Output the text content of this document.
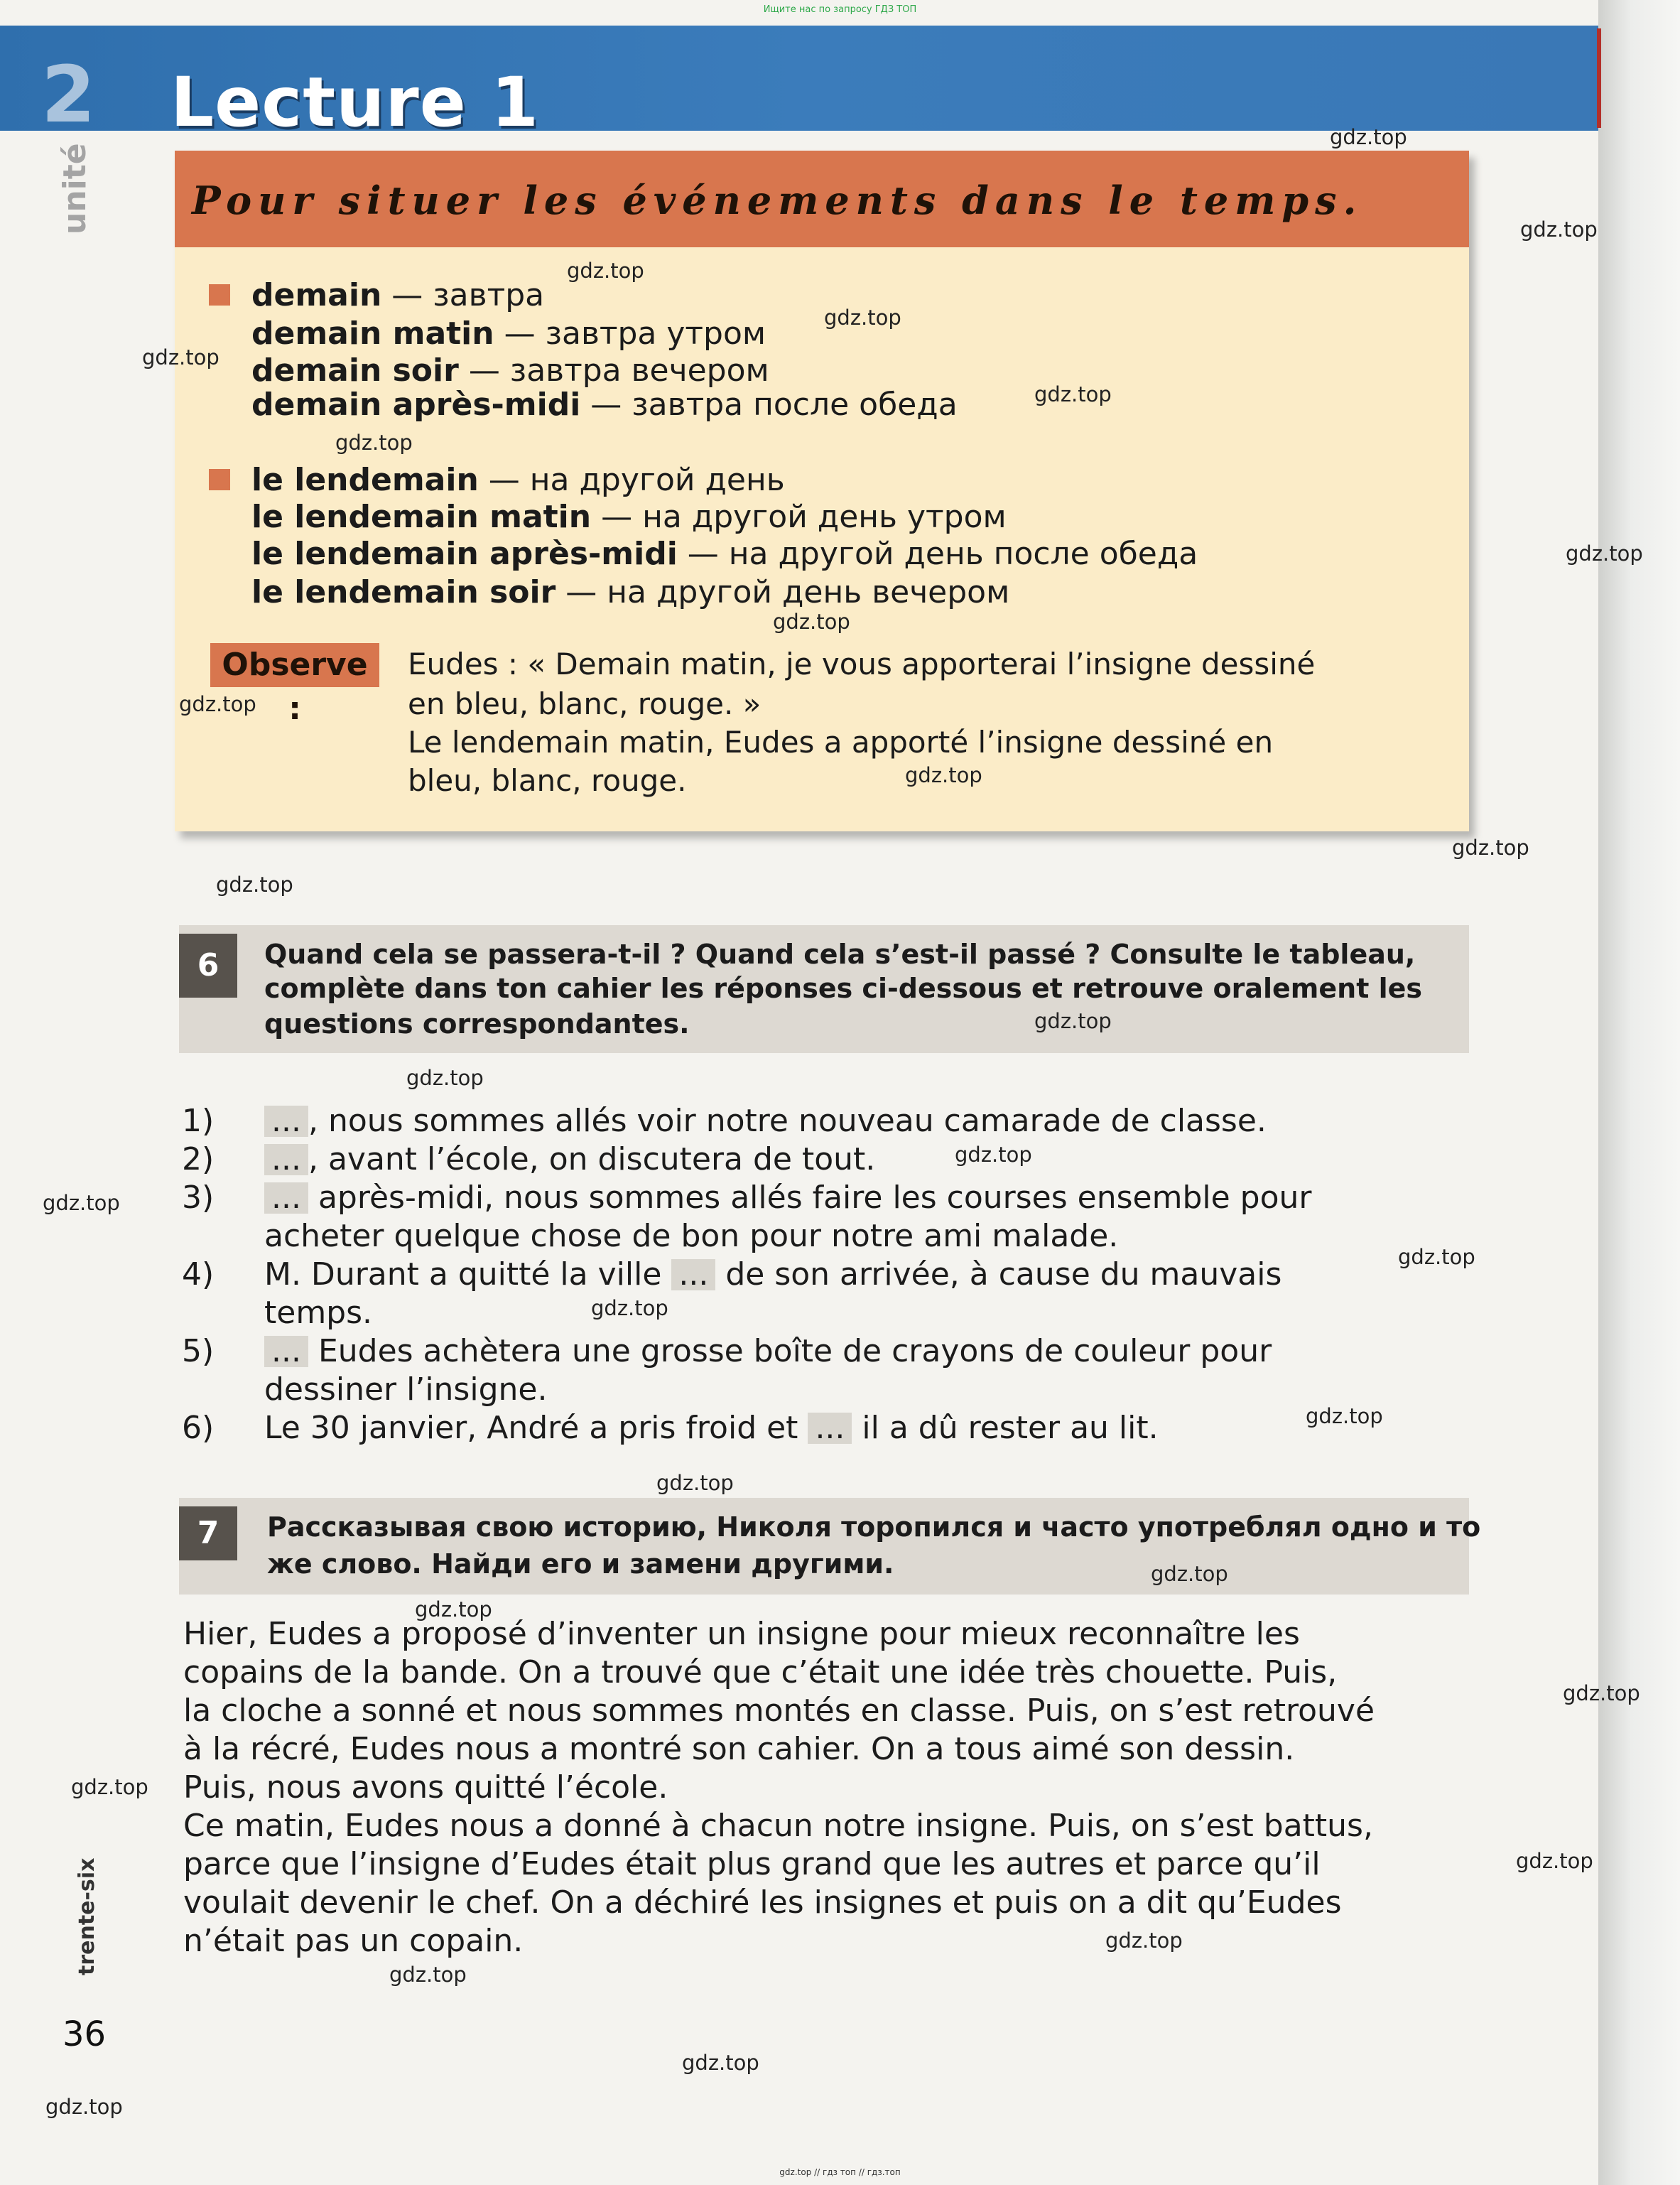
Ищите нас по запросу ГДЗ ТОП
2
unité
Lecture 1
Pour situer les événements dans le temps.
demain — завтра
demain matin — завтра утром
demain soir — завтра вечером
demain après-midi — завтра после обеда
le lendemain — на другой день
le lendemain matin — на другой день утром
le lendemain après-midi — на другой день после обеда
le lendemain soir — на другой день вечером
Observe :
Eudes : « Demain matin, je vous apporterai l’insigne dessiné
en bleu, blanc, rouge. »
Le lendemain matin, Eudes a apporté l’insigne dessiné en
bleu, blanc, rouge.
6	Quand cela se passera-t-il ? Quand cela s’est-il passé ? Consulte le tableau,
complète dans ton cahier les réponses ci-dessous et retrouve oralement les
questions correspondantes.
1) ... , nous sommes allés voir notre nouveau camarade de classe.
2) ... , avant l’école, on discutera de tout.
3) ... après-midi, nous sommes allés faire les courses ensemble pour
acheter quelque chose de bon pour notre ami malade.
4) M. Durant a quitté la ville ... de son arrivée, à cause du mauvais
temps.
5) ... Eudes achètera une grosse boîte de crayons de couleur pour
dessiner l’insigne.
6) Le 30 janvier, André a pris froid et ... il a dû rester au lit.
7	Рассказывая свою историю, Николя торопился и часто употреблял одно и то
же слово. Найди его и замени другими.
Hier, Eudes a proposé d’inventer un insigne pour mieux reconnaître les
copains de la bande. On a trouvé que c’était une idée très chouette. Puis,
la cloche a sonné et nous sommes montés en classe. Puis, on s’est retrouvé
à la récré, Eudes nous a montré son cahier. On a tous aimé son dessin.
Puis, nous avons quitté l’école.
Ce matin, Eudes nous a donné à chacun notre insigne. Puis, on s’est battus,
parce que l’insigne d’Eudes était plus grand que les autres et parce qu’il
voulait devenir le chef. On a déchiré les insignes et puis on a dit qu’Eudes
n’était pas un copain.
trente-six
36
gdz.top
gdz.top
gdz.top
gdz.top
gdz.top
gdz.top
gdz.top
gdz.top
gdz.top
gdz.top
gdz.top
gdz.top
gdz.top
gdz.top
gdz.top
gdz.top
gdz.top
gdz.top
gdz.top
gdz.top
gdz.top
gdz.top
gdz.top
gdz.top
gdz.top
gdz.top
gdz.top
gdz.top
gdz.top
gdz.top
gdz.top // гдз топ // гдз.топ
